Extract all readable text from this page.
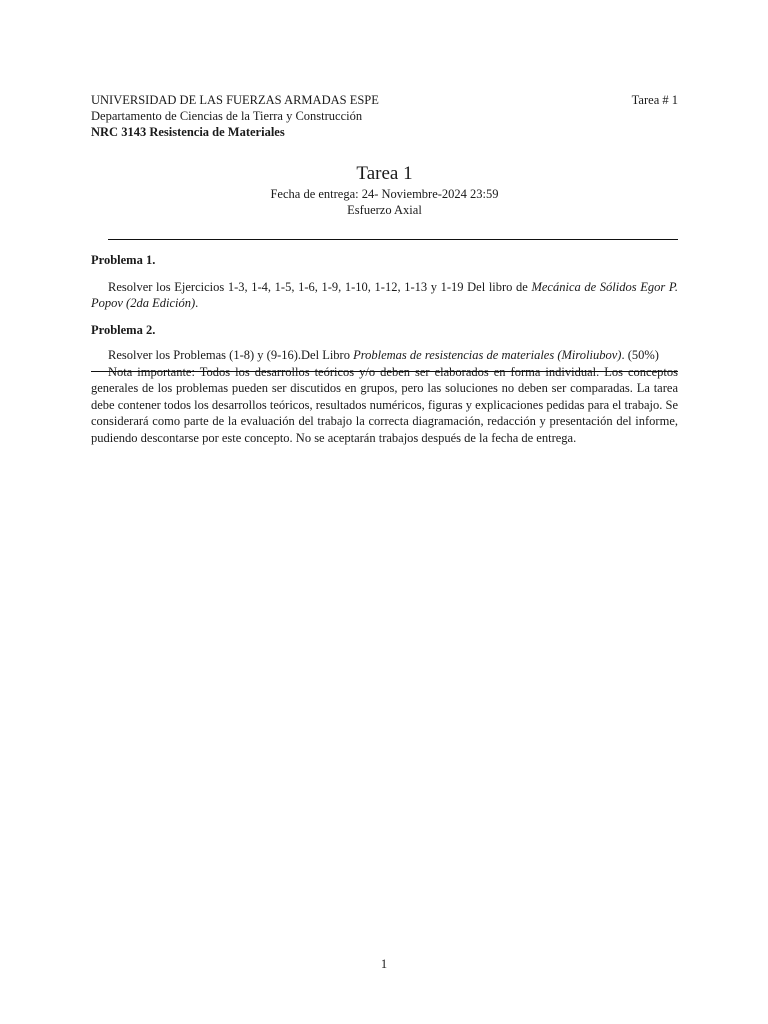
UNIVERSIDAD DE LAS FUERZAS ARMADAS ESPE	Tarea # 1
Departamento de Ciencias de la Tierra y Construcción
NRC 3143 Resistencia de Materiales
Tarea 1
Fecha de entrega: 24- Noviembre-2024 23:59
Esfuerzo Axial

Problema 1.

Resolver los Ejercicios 1-3, 1-4, 1-5, 1-6, 1-9, 1-10, 1-12, 1-13 y 1-19 Del libro de Mecánica de Sólidos Egor P. Popov (2da Edición).

Problema 2.

Resolver los Problemas (1-8) y (9-16).Del Libro Problemas de resistencias de materiales (Miroliubov). (50%)

Nota importante: Todos los desarrollos teóricos y/o deben ser elaborados en forma individual. Los conceptos generales de los problemas pueden ser discutidos en grupos, pero las soluciones no deben ser comparadas. La tarea debe contener todos los desarrollos teóricos, resultados numéricos, figuras y explicaciones pedidas para el trabajo. Se considerará como parte de la evaluación del trabajo la correcta diagramación, redacción y presentación del informe, pudiendo descontarse por este concepto. No se aceptarán trabajos después de la fecha de entrega.

1
